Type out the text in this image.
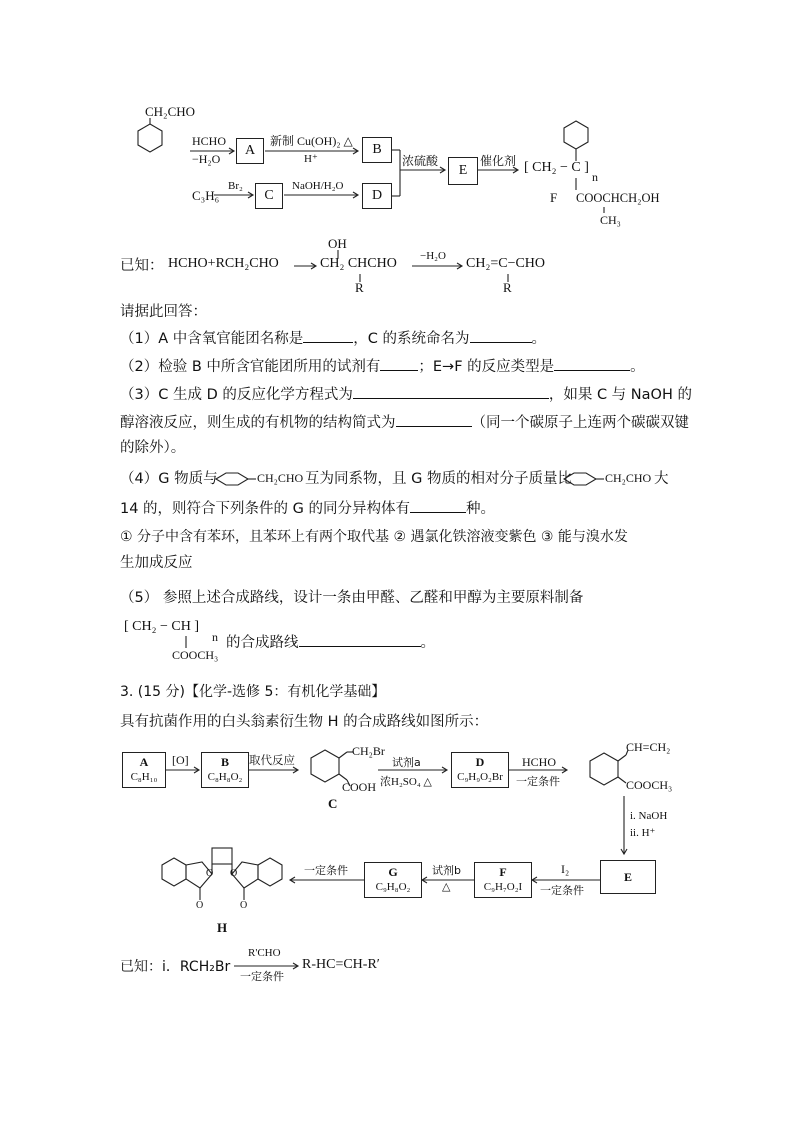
CH₂CHO
HCHO
−H₂O
A
新制 Cu(OH)₂ △
H⁺
B
C₃H₆
Br₂
C
NaOH/H₂O
D
浓硫酸
E
催化剂
F
[ CH₂ − C ]
n
COOCHCH₂OH
CH₃
已知： HCHO+RCH₂CHO
OH
CH₂ CHCHO
R
−H₂O CH₂=C−CHO
R
请据此回答：
（1）A 中含氧官能团名称是	，C 的系统命名为	。
（2）检验 B 中所含官能团所用的试剂有	；E→F 的反应类型是	。
（3）C 生成 D 的反应化学方程式为	，如果 C 与 NaOH 的
醇溶液反应，则生成的有机物的结构简式为	（同一个碳原子上连两个碳碳双键
的除外）。
（4）G 物质与	CH₂CHO 互为同系物，且 G 物质的相对分子质量比	CH₂CHO 大
14 的，则符合下列条件的 G 的同分异构体有	种。
① 分子中含有苯环，且苯环上有两个取代基 ② 遇氯化铁溶液变紫色 ③ 能与溴水发
生加成反应
（5） 参照上述合成路线，设计一条由甲醛、乙醛和甲醇为主要原料制备
[ CH₂ − CH ]
n
COOCH₃
的合成路线	。
3. (15 分)【化学-选修 5：有机化学基础】
具有抗菌作用的白头翁素衍生物 H 的合成路线如图所示：
A
C₈H₁₀
[O]	B
C₈H₈O₂
取代反应
CH₂Br
COOH
C
试剂a
浓H₂SO₄ △
D
C₉H₉O₂Br
HCHO
一定条件
CH=CH₂
COOCH₃
i. NaOH
ii. H⁺
E
I₂
一定条件
F
C₉H₇O₂I
试剂b
△
G
C₉H₈O₂
一定条件
O O
O	O
H
已知：i．RCH₂Br
R'CHO
一定条件
R-HC=CH-R′
